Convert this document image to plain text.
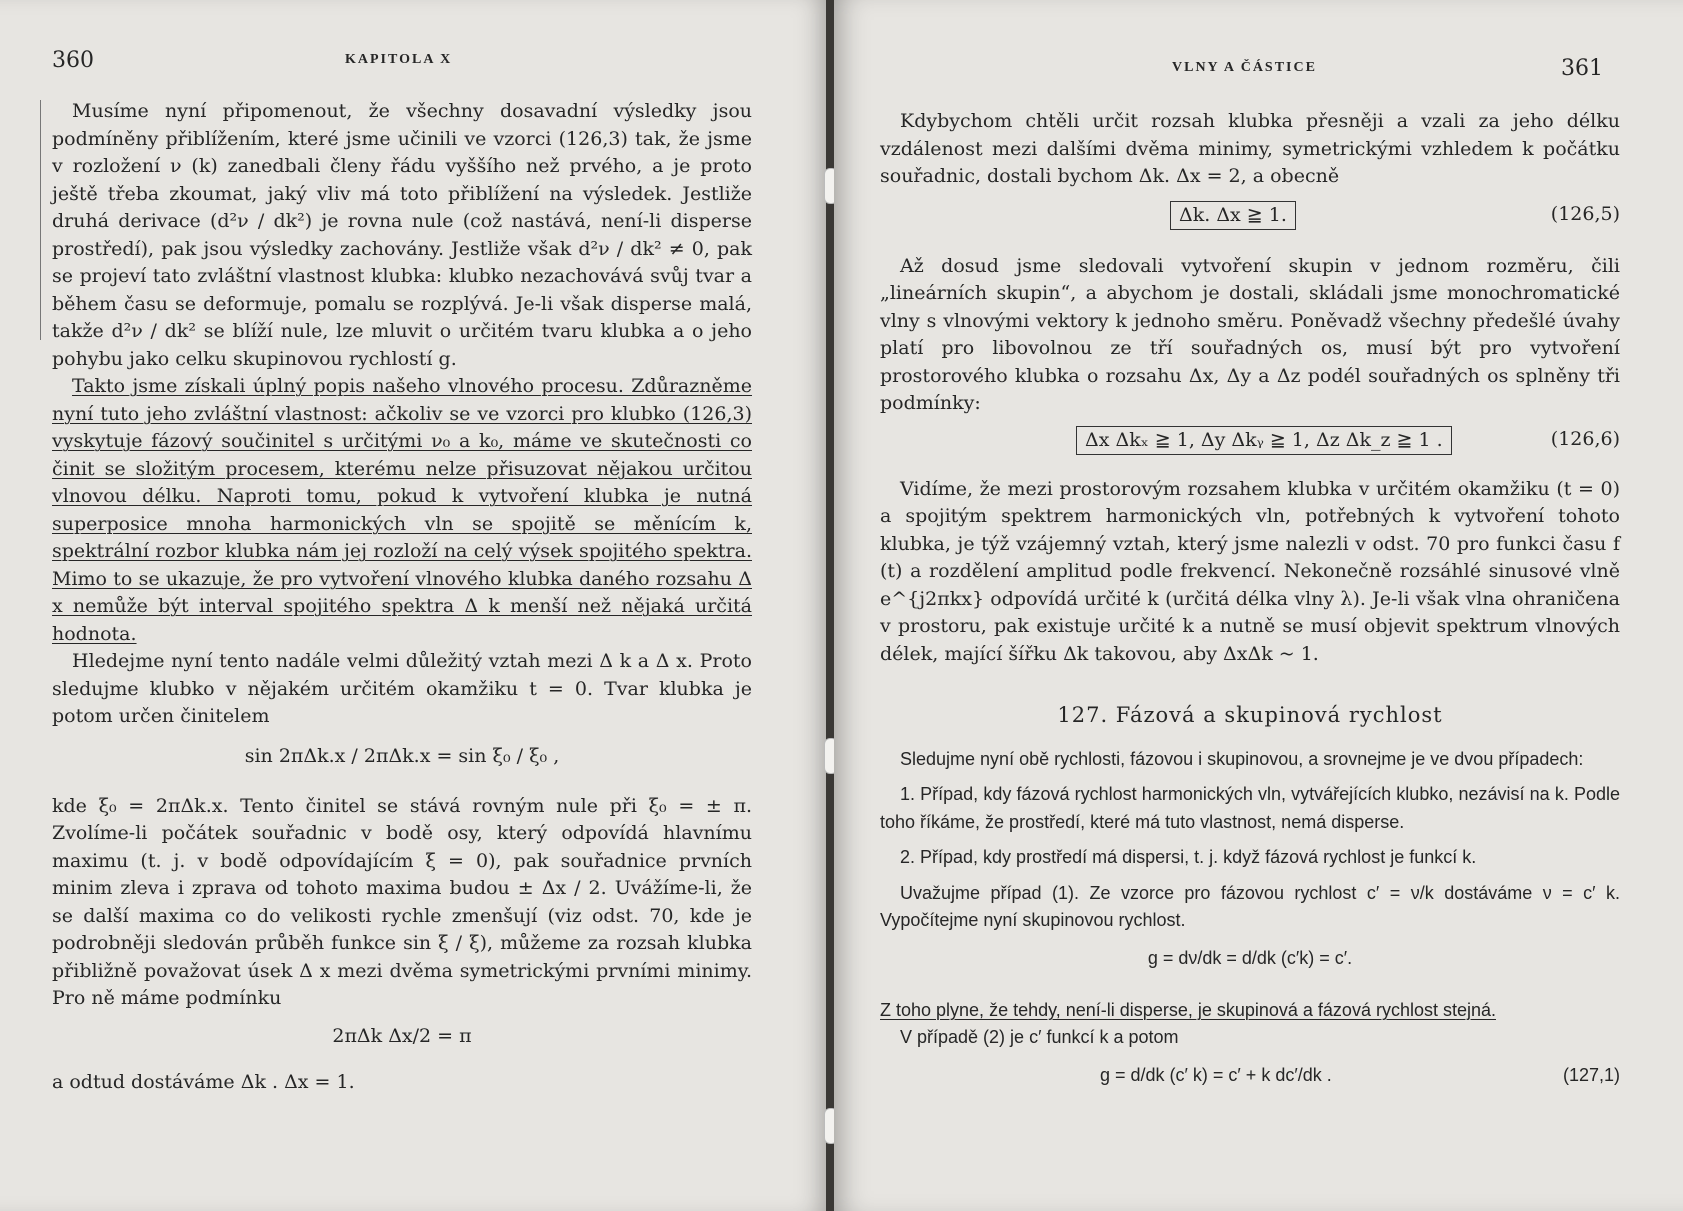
360	KAPITOLA X

Musíme nyní připomenout, že všechny dosavadní výsledky jsou podmíněny přiblížením, které jsme učinili ve vzorci (126,3) tak, že jsme v rozložení ν (k) zanedbali členy řádu vyššího než prvého, a je proto ještě třeba zkoumat, jaký vliv má toto přiblížení na výsledek. Jestliže druhá derivace (d²ν / dk²) je rovna nule (což nastává, není-li disperse prostředí), pak jsou výsledky zachovány. Jestliže však d²ν / dk² ≠ 0, pak se projeví tato zvláštní vlastnost klubka: klubko nezachovává svůj tvar a během času se deformuje, pomalu se rozplývá. Je-li však disperse malá, takže d²ν / dk² se blíží nule, lze mluvit o určitém tvaru klubka a o jeho pohybu jako celku skupinovou rychlostí g.

Takto jsme získali úplný popis našeho vlnového procesu. Zdůrazněme nyní tuto jeho zvláštní vlastnost: ačkoliv se ve vzorci pro klubko (126,3) vyskytuje fázový součinitel s určitými ν₀ a k₀, máme ve skutečnosti co činit se složitým procesem, kterému nelze přisuzovat nějakou určitou vlnovou délku. Naproti tomu, pokud k vytvoření klubka je nutná superposice mnoha harmonických vln se spojitě se měnícím k, spektrální rozbor klubka nám jej rozloží na celý výsek spojitého spektra. Mimo to se ukazuje, že pro vytvoření vlnového klubka daného rozsahu Δ x nemůže být interval spojitého spektra Δ k menší než nějaká určitá hodnota.

Hledejme nyní tento nadále velmi důležitý vztah mezi Δ k a Δ x. Proto sledujme klubko v nějakém určitém okamžiku t = 0. Tvar klubka je potom určen činitelem

sin 2πΔk.x / 2πΔk.x = sin ξ₀ / ξ₀ ,

kde ξ₀ = 2πΔk.x. Tento činitel se stává rovným nule při ξ₀ = ± π. Zvolíme-li počátek souřadnic v bodě osy, který odpovídá hlavnímu maximu (t. j. v bodě odpovídajícím ξ = 0), pak souřadnice prvních minim zleva i zprava od tohoto maxima budou ± Δx / 2. Uvážíme-li, že se další maxima co do velikosti rychle zmenšují (viz odst. 70, kde je podrobněji sledován průběh funkce sin ξ / ξ), můžeme za rozsah klubka přibližně považovat úsek Δ x mezi dvěma symetrickými prvními minimy. Pro ně máme podmínku

2πΔk Δx/2 = π

a odtud dostáváme Δk . Δx = 1.

VLNY A ČÁSTICE	361

Kdybychom chtěli určit rozsah klubka přesněji a vzali za jeho délku vzdálenost mezi dalšími dvěma minimy, symetrickými vzhledem k počátku souřadnic, dostali bychom Δk. Δx = 2, a obecně

Δk. Δx ≧ 1.	(126,5)

Až dosud jsme sledovali vytvoření skupin v jednom rozměru, čili „lineárních skupin“, a abychom je dostali, skládali jsme monochromatické vlny s vlnovými vektory k jednoho směru. Poněvadž všechny předešlé úvahy platí pro libovolnou ze tří souřadných os, musí být pro vytvoření prostorového klubka o rozsahu Δx, Δy a Δz podél souřadných os splněny tři podmínky:

Δx Δkₓ ≧ 1, Δy Δkᵧ ≧ 1, Δz Δk_z ≧ 1 .	(126,6)

Vidíme, že mezi prostorovým rozsahem klubka v určitém okamžiku (t = 0) a spojitým spektrem harmonických vln, potřebných k vytvoření tohoto klubka, je týž vzájemný vztah, který jsme nalezli v odst. 70 pro funkci času f (t) a rozdělení amplitud podle frekvencí. Nekonečně rozsáhlé sinusové vlně e^{j2πkx} odpovídá určité k (určitá délka vlny λ). Je-li však vlna ohraničena v prostoru, pak existuje určité k a nutně se musí objevit spektrum vlnových délek, mající šířku Δk takovou, aby ΔxΔk ~ 1.

127. Fázová a skupinová rychlost

Sledujme nyní obě rychlosti, fázovou i skupinovou, a srovnejme je ve dvou případech:

1. Případ, kdy fázová rychlost harmonických vln, vytvářejících klubko, nezávisí na k. Podle toho říkáme, že prostředí, které má tuto vlastnost, nemá disperse.

2. Případ, kdy prostředí má dispersi, t. j. když fázová rychlost je funkcí k.

Uvažujme případ (1). Ze vzorce pro fázovou rychlost c′ = ν/k dostáváme ν = c′ k. Vypočítejme nyní skupinovou rychlost.

g = dν/dk = d/dk (c′k) = c′.

Z toho plyne, že tehdy, není-li disperse, je skupinová a fázová rychlost stejná.

V případě (2) je c′ funkcí k a potom

g = d/dk (c′ k) = c′ + k dc′/dk .	(127,1)
